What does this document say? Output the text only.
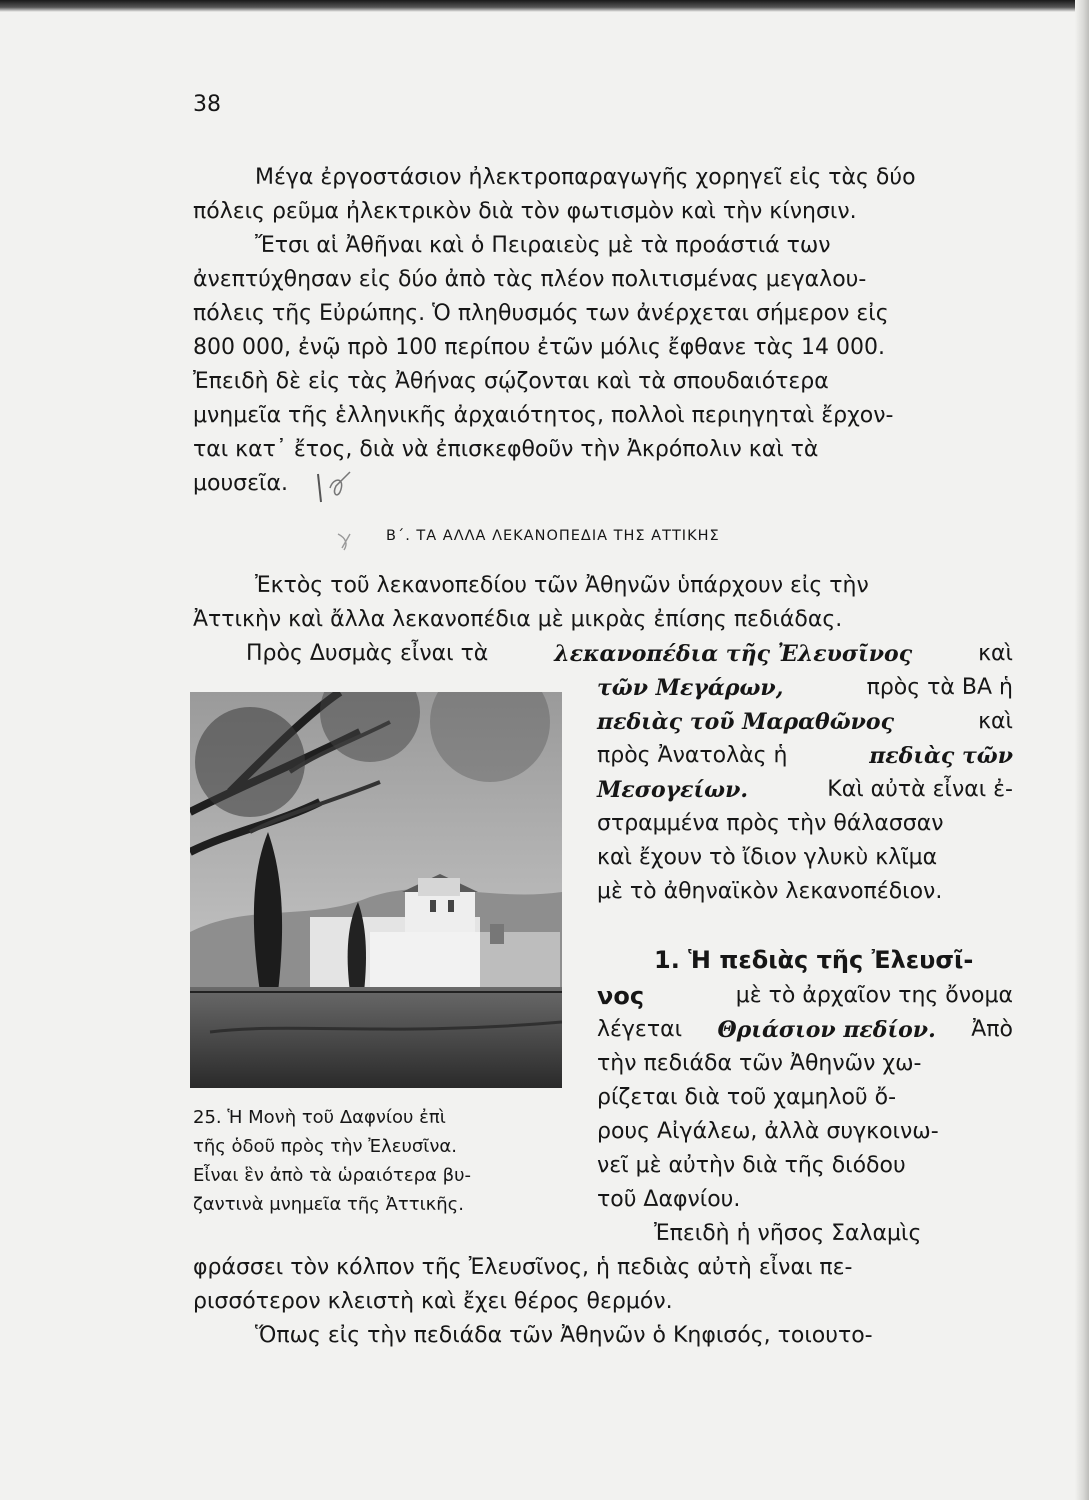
38
Μέγα ἐργοστάσιον ἠλεκτροπαραγωγῆς χορηγεῖ εἰς τὰς δύο
πόλεις ρεῦμα ἠλεκτρικὸν διὰ τὸν φωτισμὸν καὶ τὴν κίνησιν.
Ἔτσι αἱ Ἀθῆναι καὶ ὁ Πειραιεὺς μὲ τὰ προάστιά των
ἀνεπτύχθησαν εἰς δύο ἀπὸ τὰς πλέον πολιτισμένας μεγαλου-
πόλεις τῆς Εὐρώπης. Ὁ πληθυσμός των ἀνέρχεται σήμερον εἰς
800 000, ἐνῷ πρὸ 100 περίπου ἐτῶν μόλις ἔφθανε τὰς 14 000.
Ἐπειδὴ δὲ εἰς τὰς Ἀθήνας σῴζονται καὶ τὰ σπουδαιότερα
μνημεῖα τῆς ἑλληνικῆς ἀρχαιότητος, πολλοὶ περιηγηταὶ ἔρχον-
ται κατ᾽ ἔτος, διὰ νὰ ἐπισκεφθοῦν τὴν Ἀκρόπολιν καὶ τὰ
μουσεῖα.
Β΄. ΤΑ ΑΛΛΑ ΛΕΚΑΝΟΠΕΔΙΑ ΤΗΣ ΑΤΤΙΚΗΣ
Ἐκτὸς τοῦ λεκανοπεδίου τῶν Ἀθηνῶν ὑπάρχουν εἰς τὴν
Ἀττικὴν καὶ ἄλλα λεκανοπέδια μὲ μικρὰς ἐπίσης πεδιάδας.
Πρὸς Δυσμὰς εἶναι τὰ	λεκανοπέδια τῆς Ἐλευσῖνος	καὶ
τῶν Μεγάρων,	πρὸς τὰ ΒΑ ἡ
πεδιὰς τοῦ Μαραθῶνος	καὶ
πρὸς Ἀνατολὰς ἡ	πεδιὰς τῶν
Μεσογείων.	Καὶ αὐτὰ εἶναι ἐ-
στραμμένα πρὸς τὴν θάλασσαν
καὶ ἔχουν τὸ ἴδιον γλυκὺ κλῖμα
μὲ τὸ ἀθηναϊκὸν λεκανοπέδιον.
1. Ἡ πεδιὰς τῆς Ἐλευσῖ-
νος	μὲ τὸ ἀρχαῖον της ὄνομα
λέγεται Θριάσιον πεδίον. Ἀπὸ
τὴν πεδιάδα τῶν Ἀθηνῶν χω-
ρίζεται διὰ τοῦ χαμηλοῦ ὄ-
ρους Αἰγάλεω, ἀλλὰ συγκοινω-
νεῖ μὲ αὐτὴν διὰ τῆς διόδου
τοῦ Δαφνίου.
Ἐπειδὴ ἡ νῆσος Σαλαμὶς
25. Ἡ Μονὴ τοῦ Δαφνίου ἐπὶ
τῆς ὁδοῦ πρὸς τὴν Ἐλευσῖνα.
Εἶναι ἓν ἀπὸ τὰ ὡραιότερα βυ-
ζαντινὰ μνημεῖα τῆς Ἀττικῆς.
φράσσει τὸν κόλπον τῆς Ἐλευσῖνος, ἡ πεδιὰς αὐτὴ εἶναι πε-
ρισσότερον κλειστὴ καὶ ἔχει θέρος θερμόν.
Ὅπως εἰς τὴν πεδιάδα τῶν Ἀθηνῶν ὁ Κηφισός, τοιουτο-
